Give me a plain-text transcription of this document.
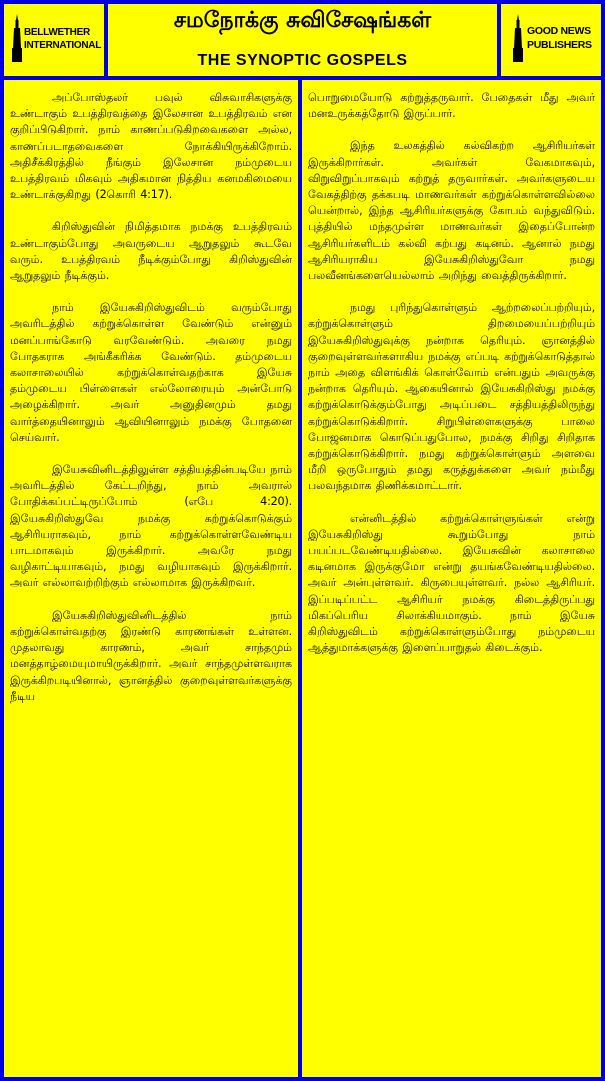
BELLWETHER
INTERNATIONAL
சமநோக்கு சுவிசேஷங்கள்
THE SYNOPTIC GOSPELS
GOOD NEWS
PUBLISHERS

அப்போஸ்தலர் பவுல் விசுவாசிகளுக்கு உண்டாகும் உபத்திரவத்தை இலேசான உபத்திரவம் என குறிப்பிடுகிறார். நாம் காணப்படுகிறவைகளை அல்ல, காணப்படாதவைகளை நோக்கியிருக்கிறோம். அதிசீக்கிரத்தில் நீங்கும் இலேசான நம்முடைய உபத்திரவம் மிகவும் அதிகமான நித்திய கனமகிமையை உண்டாக்குகிறது (2கொரி 4:17).

கிறிஸ்துவின் நிமித்தமாக நமக்கு உபத்திரவம் உண்டாகும்போது அவருடைய ஆறுதலும் கூடவே வரும். உபத்திரவம் நீடிக்கும்போது கிறிஸ்துவின் ஆறுதலும் நீடிக்கும்.

நாம் இயேசுகிறிஸ்துவிடம் வரும்போது அவரிடத்தில் கற்றுக்கொள்ள வேண்டும் என்னும் மனப்பாங்கோடு வரவேண்டும். அவரை நமது போதகராக அங்கீகரிக்க வேண்டும். தம்முடைய கலாசாலையில் கற்றுக்கொள்வதற்காக இயேசு தம்முடைய பிள்ளைகள் எல்லோரையும் அன்போடு அழைக்கிறார். அவர் அனுதினமும் தமது வார்த்தையினாலும் ஆவியினாலும் நமக்கு போதனை செய்வார்.

இயேசுவினிடத்திலுள்ள சத்தியத்தின்படியே நாம் அவரிடத்தில் கேட்டறிந்து, நாம் அவரால் போதிக்கப்பட்டிருப்போம் (எபே 4:20). இயேசுகிறிஸ்துவே நமக்கு கற்றுக்கொடுக்கும் ஆசிரியராகவும், நாம் கற்றுக்கொள்ளவேண்டிய பாடமாகவும் இருக்கிறார். அவரே நமது வழிகாட்டியாகவும், நமது வழியாகவும் இருக்கிறார். அவர் எல்லாவற்றிற்கும் எல்லாமாக இருக்கிறவர்.

இயேசுகிறிஸ்துவினிடத்தில் நாம் கற்றுக்கொள்வதற்கு இரண்டு காரணங்கள் உள்ளன. முதலாவது காரணம், அவர் சாந்தமும் மனத்தாழ்மையுமாயிருக்கிறார். அவர் சாந்தமுள்ளவராக இருக்கிறபடியினால், ஞானத்தில் குறைவுள்ளவர்களுக்கு நீடிய

பொறுமையோடு கற்றுத்தருவார். பேதைகள் மீது அவர் மனஉருக்கத்தோடு இருப்பார்.

இந்த உலகத்தில் கல்விகற்ற ஆசிரியர்கள் இருக்கிறார்கள். அவர்கள் வேகமாகவும், விறுவிறுப்பாகவும் கற்றுத் தருவார்கள். அவர்களுடைய வேகத்திற்கு தக்கபடி மாணவர்கள் கற்றுக்கொள்ளவில்லை யென்றால், இந்த ஆசிரியர்களுக்கு கோபம் வந்துவிடும். புத்தியில் மந்தமுள்ள மாணவர்கள் இதைப்போன்ற ஆசிரியர்களிடம் கல்வி கற்பது கடினம். ஆனால் நமது ஆசிரியராகிய இயேசுகிறிஸ்துவோ நமது பலவீனங்களையெல்லாம் அறிந்து வைத்திருக்கிறார்.

நமது புரிந்துகொள்ளும் ஆற்றலைப்பற்றியும், கற்றுக்கொள்ளும் திறமையைப்பற்றியும் இயேசுகிறிஸ்துவுக்கு நன்றாக தெரியும். ஞானத்தில் குறைவுள்ளவர்களாகிய நமக்கு எப்படி கற்றுக்கொடுத்தால் நாம் அதை விளங்கிக் கொள்வோம் என்பதும் அவருக்கு நன்றாக தெரியும். ஆகையினால் இயேசுகிறிஸ்து நமக்கு கற்றுக்கொடுக்கும்போது அடிப்படை சத்தியத்திலிருந்து கற்றுக்கொடுக்கிறார். சிறுபிள்ளைகளுக்கு பாலை போஜனமாக கொடுப்பதுபோல, நமக்கு சிறிது சிறிதாக கற்றுக்கொடுக்கிறார். நமது கற்றுக்கொள்ளும் அளவை மீறி ஒருபோதும் தமது கருத்துக்களை அவர் நம்மீது பலவந்தமாக திணிக்கமாட்டார்.

என்னிடத்தில் கற்றுக்கொள்ளுங்கள் என்று இயேசுகிறிஸ்து கூறும்போது நாம் பயப்படவேண்டியதில்லை. இயேசுவின் கலாசாலை கடினமாக இருக்குமோ என்று தயங்கவேண்டியதில்லை. அவர் அன்புள்ளவர். கிருபையுள்ளவர். நல்ல ஆசிரியர். இப்படிப்பட்ட ஆசிரியர் நமக்கு கிடைத்திருப்பது மிகப்பெரிய சிலாக்கியமாகும். நாம் இயேசு கிறிஸ்துவிடம் கற்றுக்கொள்ளும்போது நம்முடைய ஆத்துமாக்களுக்கு இளைப்பாறுதல் கிடைக்கும்.
